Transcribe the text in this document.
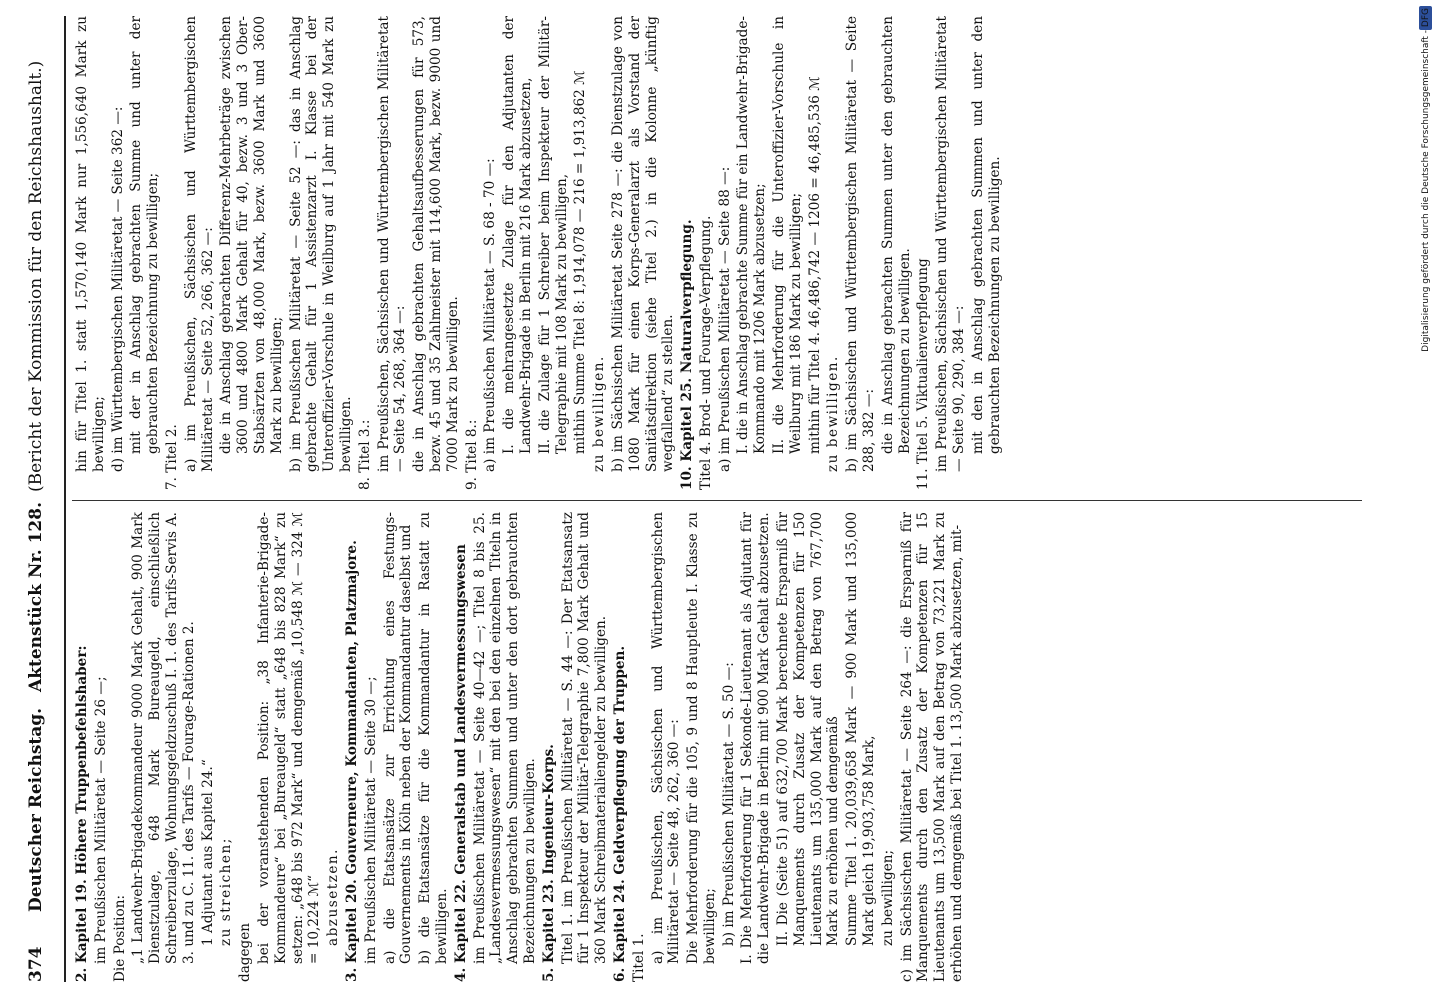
374
Deutscher Reichstag.
Aktenstück Nr. 128.
(Bericht der Kommission für den Reichshaushalt.)

2. Kapitel 19. Höhere Truppenbefehlshaber: im Preußischen Militäretat — Seite 26 —; Die Position: „1 Landwehr-Brigadekommandeur 9000 Mark Gehalt, 900 Mark Dienstzulage, 648 Mark Bureaugeld, einschließlich Schreiberzulage, Wohnungsgeldzuschuß I. 1. des Tarifs-Servis A. 3. und zu C. 11. des Tarifs — Fourage-Rationen 2. 1 Adjutant aus Kapitel 24.“ zu streichen;

dagegen bei der voranstehenden Position: „38 Infanterie-Brigade-Kommandeure“ bei „Bureaugeld“ statt „648 bis 828 Mark“ zu setzen: „648 bis 972 Mark“ und demgemäß „10,548 ℳ — 324 ℳ = 10,224 ℳ“ abzusetzen. 3. Kapitel 20. Gouverneure, Kommandanten, Platzmajore. im Preußischen Militäretat — Seite 30 —; a) die Etatsansätze zur Errichtung eines Festungs-Gouvernements in Köln neben der Kommandantur daselbst und b) die Etatsansätze für die Kommandantur in Rastatt zu bewilligen. 4. Kapitel 22. Generalstab und Landesvermessungswesen im Preußischen Militäretat — Seite 40—42 —; Titel 8 bis 25. „Landesvermessungswesen“ mit den bei den einzelnen Titeln in Anschlag gebrachten Summen und unter den dort gebrauchten Bezeichnungen zu bewilligen. 5. Kapitel 23. Ingenieur-Korps. Titel 1. im Preußischen Militäretat — S. 44 —: Der Etatsansatz für 1 Inspekteur der Militär-Telegraphie 7,800 Mark Gehalt und 360 Mark Schreibmaterialiengelder zu bewilligen. 6. Kapitel 24. Geldverpflegung der Truppen. Titel 1. a) im Preußischen, Sächsischen und Württembergischen Militäretat — Seite 48, 262, 360 —: Die Mehrforderung für die 105, 9 und 8 Hauptleute I. Klasse zu bewilligen; b) im Preußischen Militäretat — S. 50 —: I. Die Mehrforderung für 1 Sekonde-Lieutenant als Adjutant für die Landwehr-Brigade in Berlin mit 900 Mark Gehalt abzusetzen. II. Die (Seite 51) auf 632,700 Mark berechnete Ersparniß für Manquements durch Zusatz der Kompetenzen für 150 Lieutenants um 135,000 Mark auf den Betrag von 767,700 Mark zu erhöhen und demgemäß Summe Titel 1. 20,039,658 Mark — 900 Mark und 135,000 Mark gleich 19,903,758 Mark, zu bewilligen; c) im Sächsischen Militäretat — Seite 264 —: die Ersparniß für Manquements durch den Zusatz der Kompetenzen für 15 Lieutenants um 13,500 Mark auf den Betrag von 73,221 Mark zu erhöhen und demgemäß bei Titel 1. 13,500 Mark abzusetzen, mit-

hin für Titel 1. statt 1,570,140 Mark nur 1,556,640 Mark zu bewilligen; d) im Württembergischen Militäretat — Seite 362 —: mit der in Anschlag gebrachten Summe und unter der gebrauchten Bezeichnung zu bewilligen;

7. Titel 2. a) im Preußischen, Sächsischen und Württembergischen Militäretat — Seite 52, 266, 362 —: die in Anschlag gebrachten Differenz-Mehrbeträge zwischen 3600 und 4800 Mark Gehalt für 40, bezw. 3 und 3 Ober-Stabsärzten von 48,000 Mark, bezw. 3600 Mark und 3600 Mark zu bewilligen; b) im Preußischen Militäretat — Seite 52 —: das in Anschlag gebrachte Gehalt für 1 Assistenzarzt I. Klasse bei der Unteroffizier-Vorschule in Weilburg auf 1 Jahr mit 540 Mark zu bewilligen. 8. Titel 3.: im Preußischen, Sächsischen und Württembergischen Militäretat — Seite 54, 268, 364 —: die in Anschlag gebrachten Gehaltsaufbesserungen für 573, bezw. 45 und 35 Zahlmeister mit 114,600 Mark, bezw. 9000 und 7000 Mark zu bewilligen. 9. Titel 8.: a) im Preußischen Militäretat — S. 68 - 70 —: I. die mehrangesetzte Zulage für den Adjutanten der Landwehr-Brigade in Berlin mit 216 Mark abzusetzen, II. die Zulage für 1 Schreiber beim Inspekteur der Militär-Telegraphie mit 108 Mark zu bewilligen, mithin Summe Titel 8: 1,914,078 — 216 = 1,913,862 ℳ zu bewilligen. b) im Sächsischen Militäretat Seite 278 —: die Dienstzulage von 1080 Mark für einen Korps-Generalarzt als Vorstand der Sanitätsdirektion (siehe Titel 2.) in die Kolonne „künftig wegfallend“ zu stellen. 10. Kapitel 25. Naturalverpflegung. Titel 4. Brod- und Fourage-Verpflegung. a) im Preußischen Militäretat — Seite 88 —: I. die in Anschlag gebrachte Summe für ein Landwehr-Brigade-Kommando mit 1206 Mark abzusetzen; II. die Mehrforderung für die Unteroffizier-Vorschule in Weilburg mit 186 Mark zu bewilligen; mithin für Titel 4. 46,486,742 — 1206 = 46,485,536 ℳ zu bewilligen. b) im Sächsischen und Württembergischen Militäretat — Seite 288, 382 —: die in Anschlag gebrachten Summen unter den gebrauchten Bezeichnungen zu bewilligen. 11. Titel 5. Viktualienverpflegung im Preußischen, Sächsischen und Württembergischen Militäretat — Seite 90, 290, 384 —: mit den in Anschlag gebrachten Summen und unter den gebrauchten Bezeichnungen zu bewilligen.	Digitalisierung gefördert durch die Deutsche Forschungsgemeinschaft - DFG
